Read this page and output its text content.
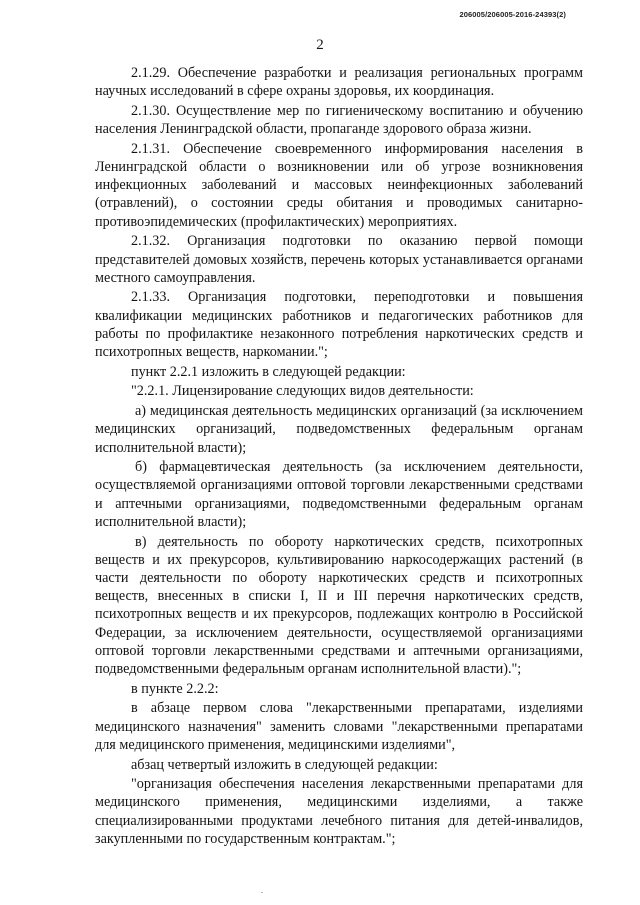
206005/206005-2016-24393(2)
2

2.1.29. Обеспечение разработки и реализация региональных программ научных исследований в сфере охраны здоровья, их координация.

2.1.30. Осуществление мер по гигиеническому воспитанию и обучению населения Ленинградской области, пропаганде здорового образа жизни.

2.1.31. Обеспечение своевременного информирования населения в Ленинградской области о возникновении или об угрозе возникновения инфекционных заболеваний и массовых неинфекционных заболеваний (отравлений), о состоянии среды обитания и проводимых санитарно-противоэпидемических (профилактических) мероприятиях.

2.1.32. Организация подготовки по оказанию первой помощи представителей домовых хозяйств, перечень которых устанавливается органами местного самоуправления.

2.1.33. Организация подготовки, переподготовки и повышения квалификации медицинских работников и педагогических работников для работы по профилактике незаконного потребления наркотических средств и психотропных веществ, наркомании.";

пункт 2.2.1 изложить в следующей редакции:

"2.2.1. Лицензирование следующих видов деятельности:

а) медицинская деятельность медицинских организаций (за исключением медицинских организаций, подведомственных федеральным органам исполнительной власти);

б) фармацевтическая деятельность (за исключением деятельности, осуществляемой организациями оптовой торговли лекарственными средствами и аптечными организациями, подведомственными федеральным органам исполнительной власти);

в) деятельность по обороту наркотических средств, психотропных веществ и их прекурсоров, культивированию наркосодержащих растений (в части деятельности по обороту наркотических средств и психотропных веществ, внесенных в списки I, II и III перечня наркотических средств, психотропных веществ и их прекурсоров, подлежащих контролю в Российской Федерации, за исключением деятельности, осуществляемой организациями оптовой торговли лекарственными средствами и аптечными организациями, подведомственными федеральным органам исполнительной власти).";

в пункте 2.2.2:

в абзаце первом слова "лекарственными препаратами, изделиями медицинского назначения" заменить словами "лекарственными препаратами для медицинского применения, медицинскими изделиями",

абзац четвертый изложить в следующей редакции:

"организация обеспечения населения лекарственными препаратами для медицинского применения, медицинскими изделиями, а также специализированными продуктами лечебного питания для детей-инвалидов, закупленными по государственным контрактам.";
